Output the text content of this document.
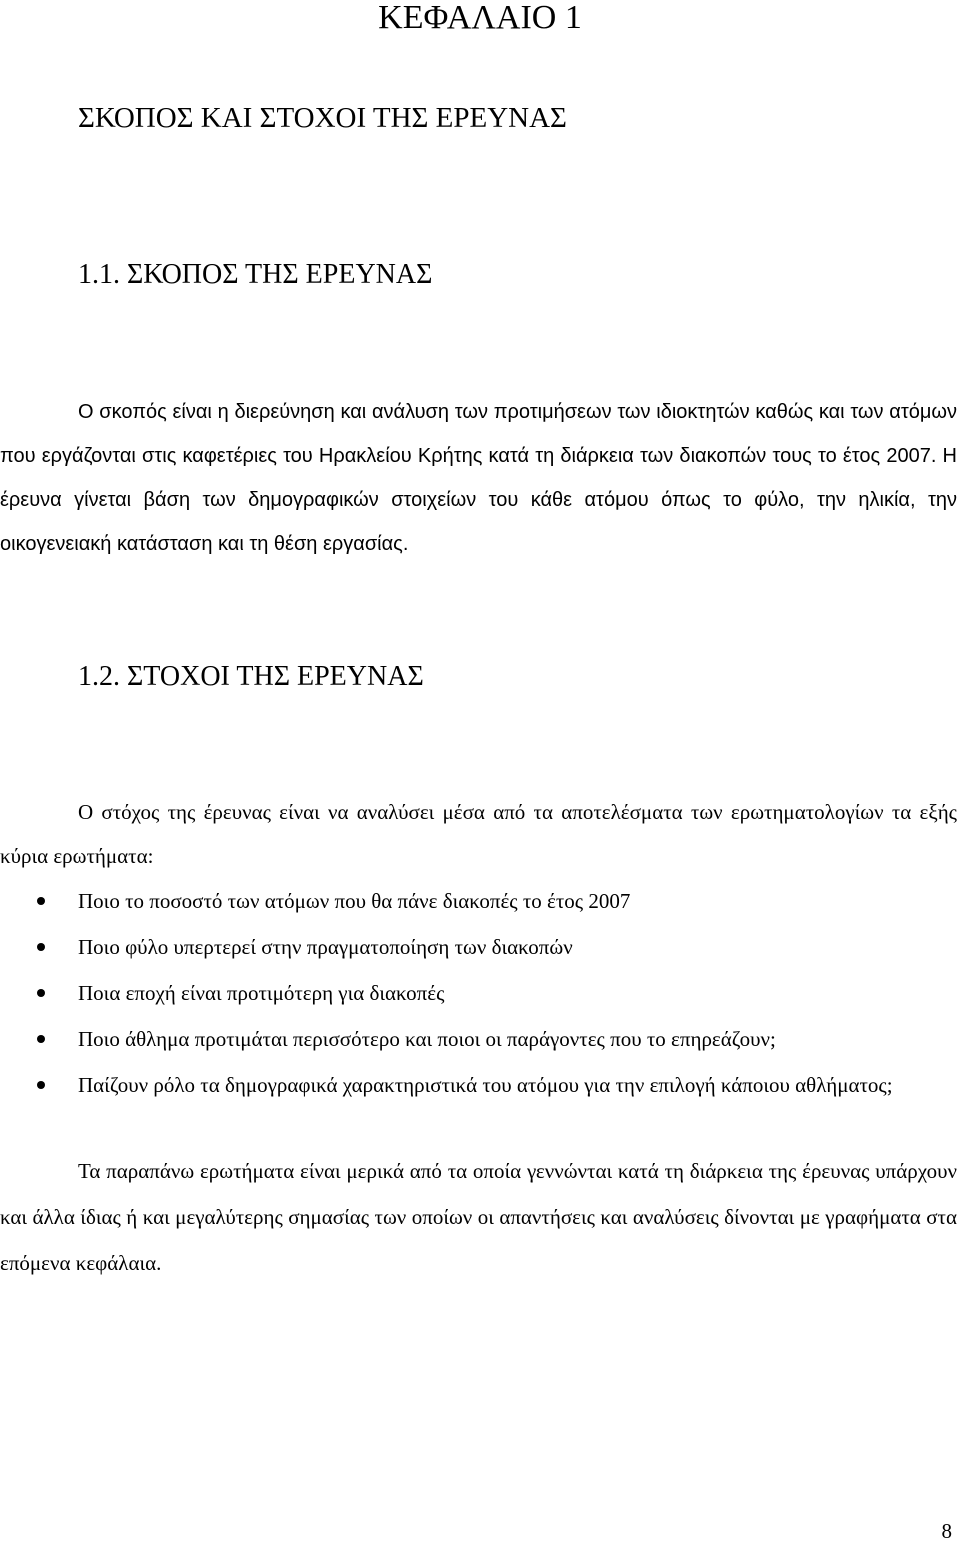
ΚΕΦΑΛΑΙΟ 1
ΣΚΟΠΟΣ ΚΑΙ ΣΤΟΧΟΙ ΤΗΣ ΕΡΕΥΝΑΣ
1.1. ΣΚΟΠΟΣ ΤΗΣ ΕΡΕΥΝΑΣ

Ο σκοπός είναι η διερεύνηση και ανάλυση των προτιμήσεων των ιδιοκτητών καθώς και των ατόμων που εργάζονται στις καφετέριες του Ηρακλείου Κρήτης κατά τη διάρκεια των διακοπών τους το έτος 2007. Η έρευνα γίνεται βάση των δημογραφικών στοιχείων του κάθε ατόμου όπως το φύλο, την ηλικία, την οικογενειακή κατάσταση και τη θέση εργασίας.

1.2. ΣΤΟΧΟΙ ΤΗΣ ΕΡΕΥΝΑΣ

Ο στόχος της έρευνας είναι να αναλύσει μέσα από τα αποτελέσματα των ερωτηματολογίων τα εξής κύρια ερωτήματα:

Ποιο το ποσοστό των ατόμων που θα πάνε διακοπές το έτος 2007
Ποιο φύλο υπερτερεί στην πραγματοποίηση των διακοπών
Ποια εποχή είναι προτιμότερη για διακοπές
Ποιο άθλημα προτιμάται περισσότερο και ποιοι οι παράγοντες που το επηρεάζουν;
Παίζουν ρόλο τα δημογραφικά χαρακτηριστικά του ατόμου για την επιλογή κάποιου αθλήματος;

Τα παραπάνω ερωτήματα είναι μερικά από τα οποία γεννώνται κατά τη διάρκεια της έρευνας υπάρχουν και άλλα ίδιας ή και μεγαλύτερης σημασίας των οποίων οι απαντήσεις και αναλύσεις δίνονται με γραφήματα στα επόμενα κεφάλαια.

8
